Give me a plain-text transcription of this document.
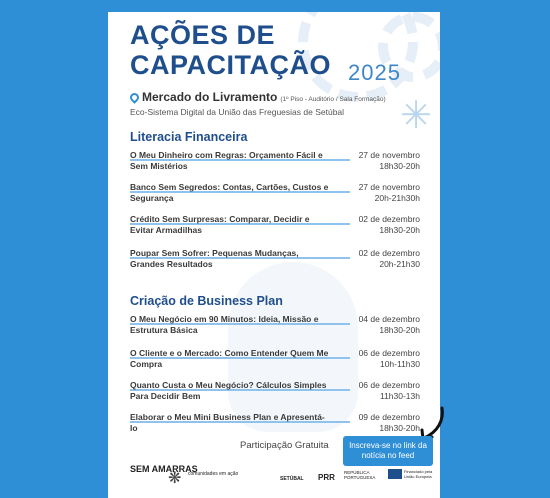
AÇÕES DE
CAPACITAÇÃO 2025
Mercado do Livramento (1º Piso - Auditório / Sala Formação)
Eco-Sistema Digital da União das Freguesias de Setúbal ✳
Literacia Financeira
O Meu Dinheiro com Regras: Orçamento Fácil e Sem Mistérios
27 de novembro
18h30-20h
Banco Sem Segredos: Contas, Cartões, Custos e Segurança
27 de novembro
20h-21h30h
Crédito Sem Surpresas: Comparar, Decidir e Evitar Armadilhas
02 de dezembro
18h30-20h
Poupar Sem Sofrer: Pequenas Mudanças, Grandes Resultados
02 de dezembro
20h-21h30
Criação de Business Plan
O Meu Negócio em 90 Minutos: Ideia, Missão e Estrutura Básica
04 de dezembro
18h30-20h
O Cliente e o Mercado: Como Entender Quem Me Compra
06 de dezembro
10h-11h30
Quanto Custa o Meu Negócio? Cálculos Simples Para Decidir Bem
06 de dezembro
11h30-13h
Elaborar o Meu Mini Business Plan e Apresentá-lo
09 de dezembro
18h30-20h
Participação Gratuita
SEM AMARRAS
❋ comunidades em ação
SETÚBAL PRR
REPÚBLICA PORTUGUESA
Financiado pela União Europeia
Inscreva-se no link da notícia no feed
